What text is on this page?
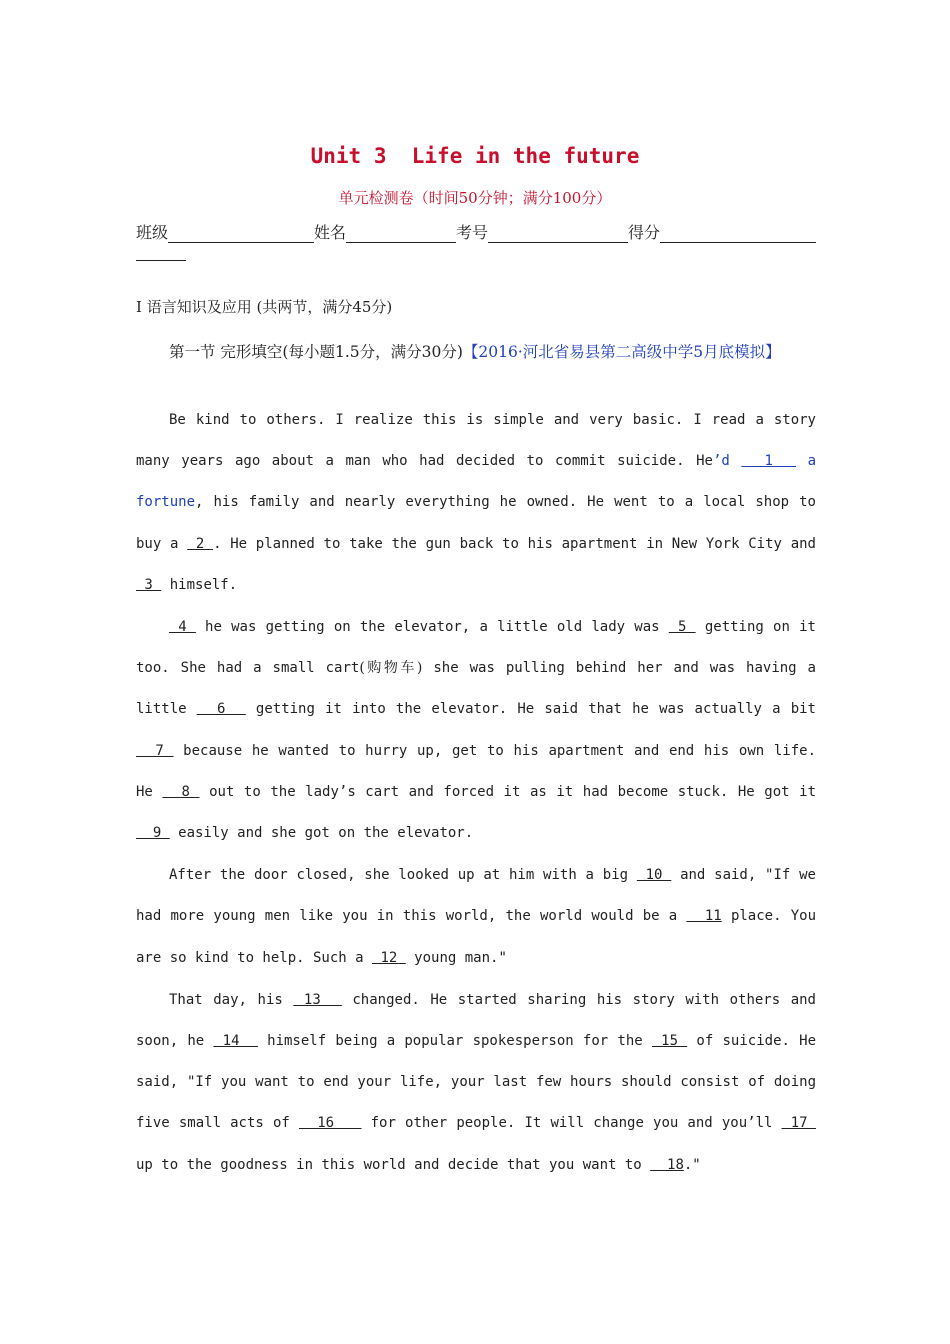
Unit 3  Life in the future
单元检测卷（时间50分钟；满分100分）
班级	姓名	考号	得分
I 语言知识及应用 (共两节，满分45分)
第一节 完形填空(每小题1.5分，满分30分)【2016·河北省易县第二高级中学5月底模拟】

Be kind to others. I realize this is simple and very basic. I read a story many years ago about a man who had decided to commit suicide. He’d   1   a fortune, his family and nearly everything he owned. He went to a local shop to buy a  2 . He planned to take the gun back to his apartment in New York City and  3  himself.

4  he was getting on the elevator, a little old lady was  5  getting on it too. She had a small cart(购物车) she was pulling behind her and was having a little   6   getting it into the elevator. He said that he was actually a bit   7  because he wanted to hurry up, get to his apartment and end his own life. He   8  out to the lady’s cart and forced it as it had become stuck. He got it   9  easily and she got on the elevator.

After the door closed, she looked up at him with a big  10  and said, "If we had more young men like you in this world, the world would be a   11 place. You are so kind to help. Such a  12  young man."

That day, his  13   changed. He started sharing his story with others and soon, he  14   himself being a popular spokesperson for the  15  of suicide. He said, "If you want to end your life, your last few hours should consist of doing five small acts of   16    for other people. It will change you and you’ll  17  up to the goodness in this world and decide that you want to   18."
